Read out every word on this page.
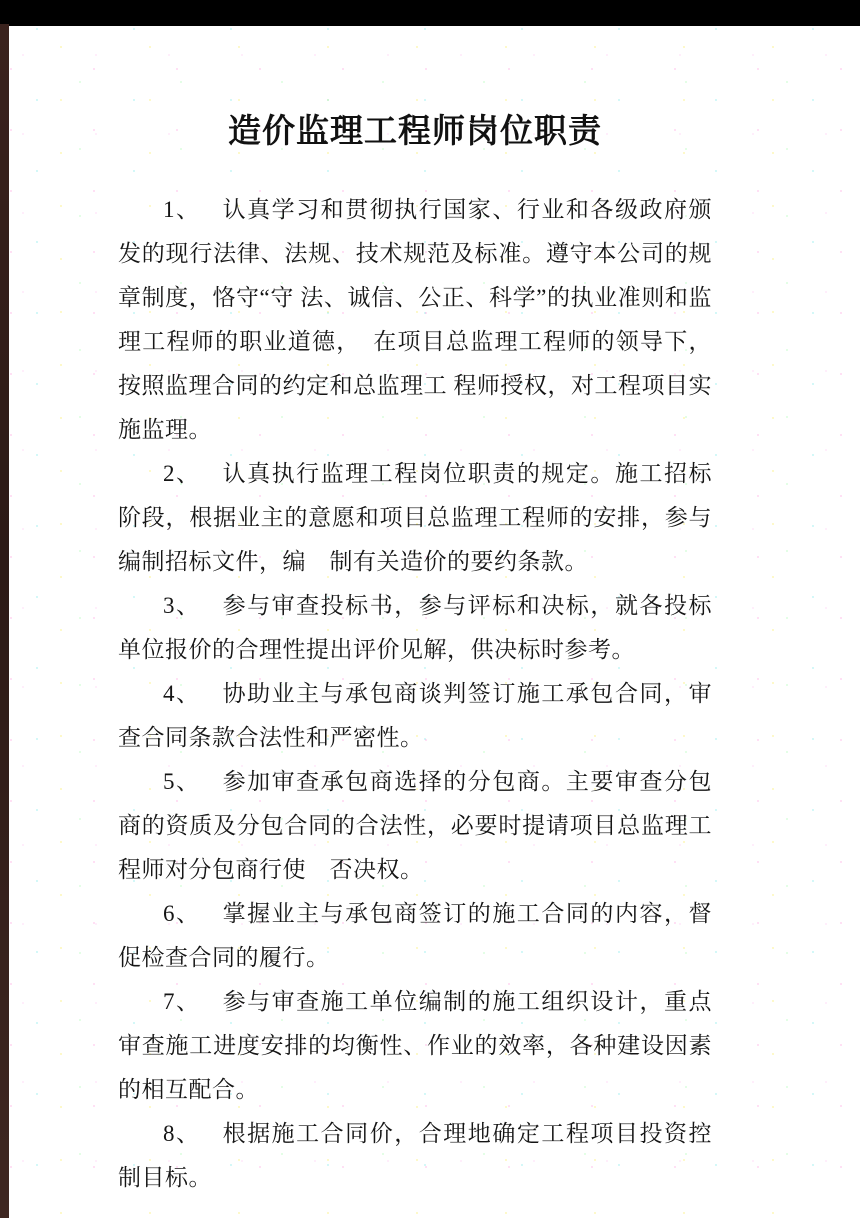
造价监理工程师岗位职责

1、 认真学习和贯彻执行国家、行业和各级政府颁发的现行法律、法规、技术规范及标准。遵守本公司的规章制度，恪守“守 法、诚信、公正、科学”的执业准则和监理工程师的职业道德，　在项目总监理工程师的领导下，按照监理合同的约定和总监理工 程师授权，对工程项目实施监理。

2、 认真执行监理工程岗位职责的规定。施工招标阶段，根据业主的意愿和项目总监理工程师的安排，参与编制招标文件，编　制有关造价的要约条款。

3、 参与审查投标书，参与评标和决标，就各投标单位报价的合理性提出评价见解，供决标时参考。

4、 协助业主与承包商谈判签订施工承包合同，审查合同条款合法性和严密性。

5、 参加审查承包商选择的分包商。主要审查分包商的资质及分包合同的合法性，必要时提请项目总监理工程师对分包商行使　否决权。

6、 掌握业主与承包商签订的施工合同的内容，督促检查合同的履行。

7、 参与审查施工单位编制的施工组织设计，重点审查施工进度安排的均衡性、作业的效率，各种建设因素的相互配合。

8、 根据施工合同价，合理地确定工程项目投资控制目标。
